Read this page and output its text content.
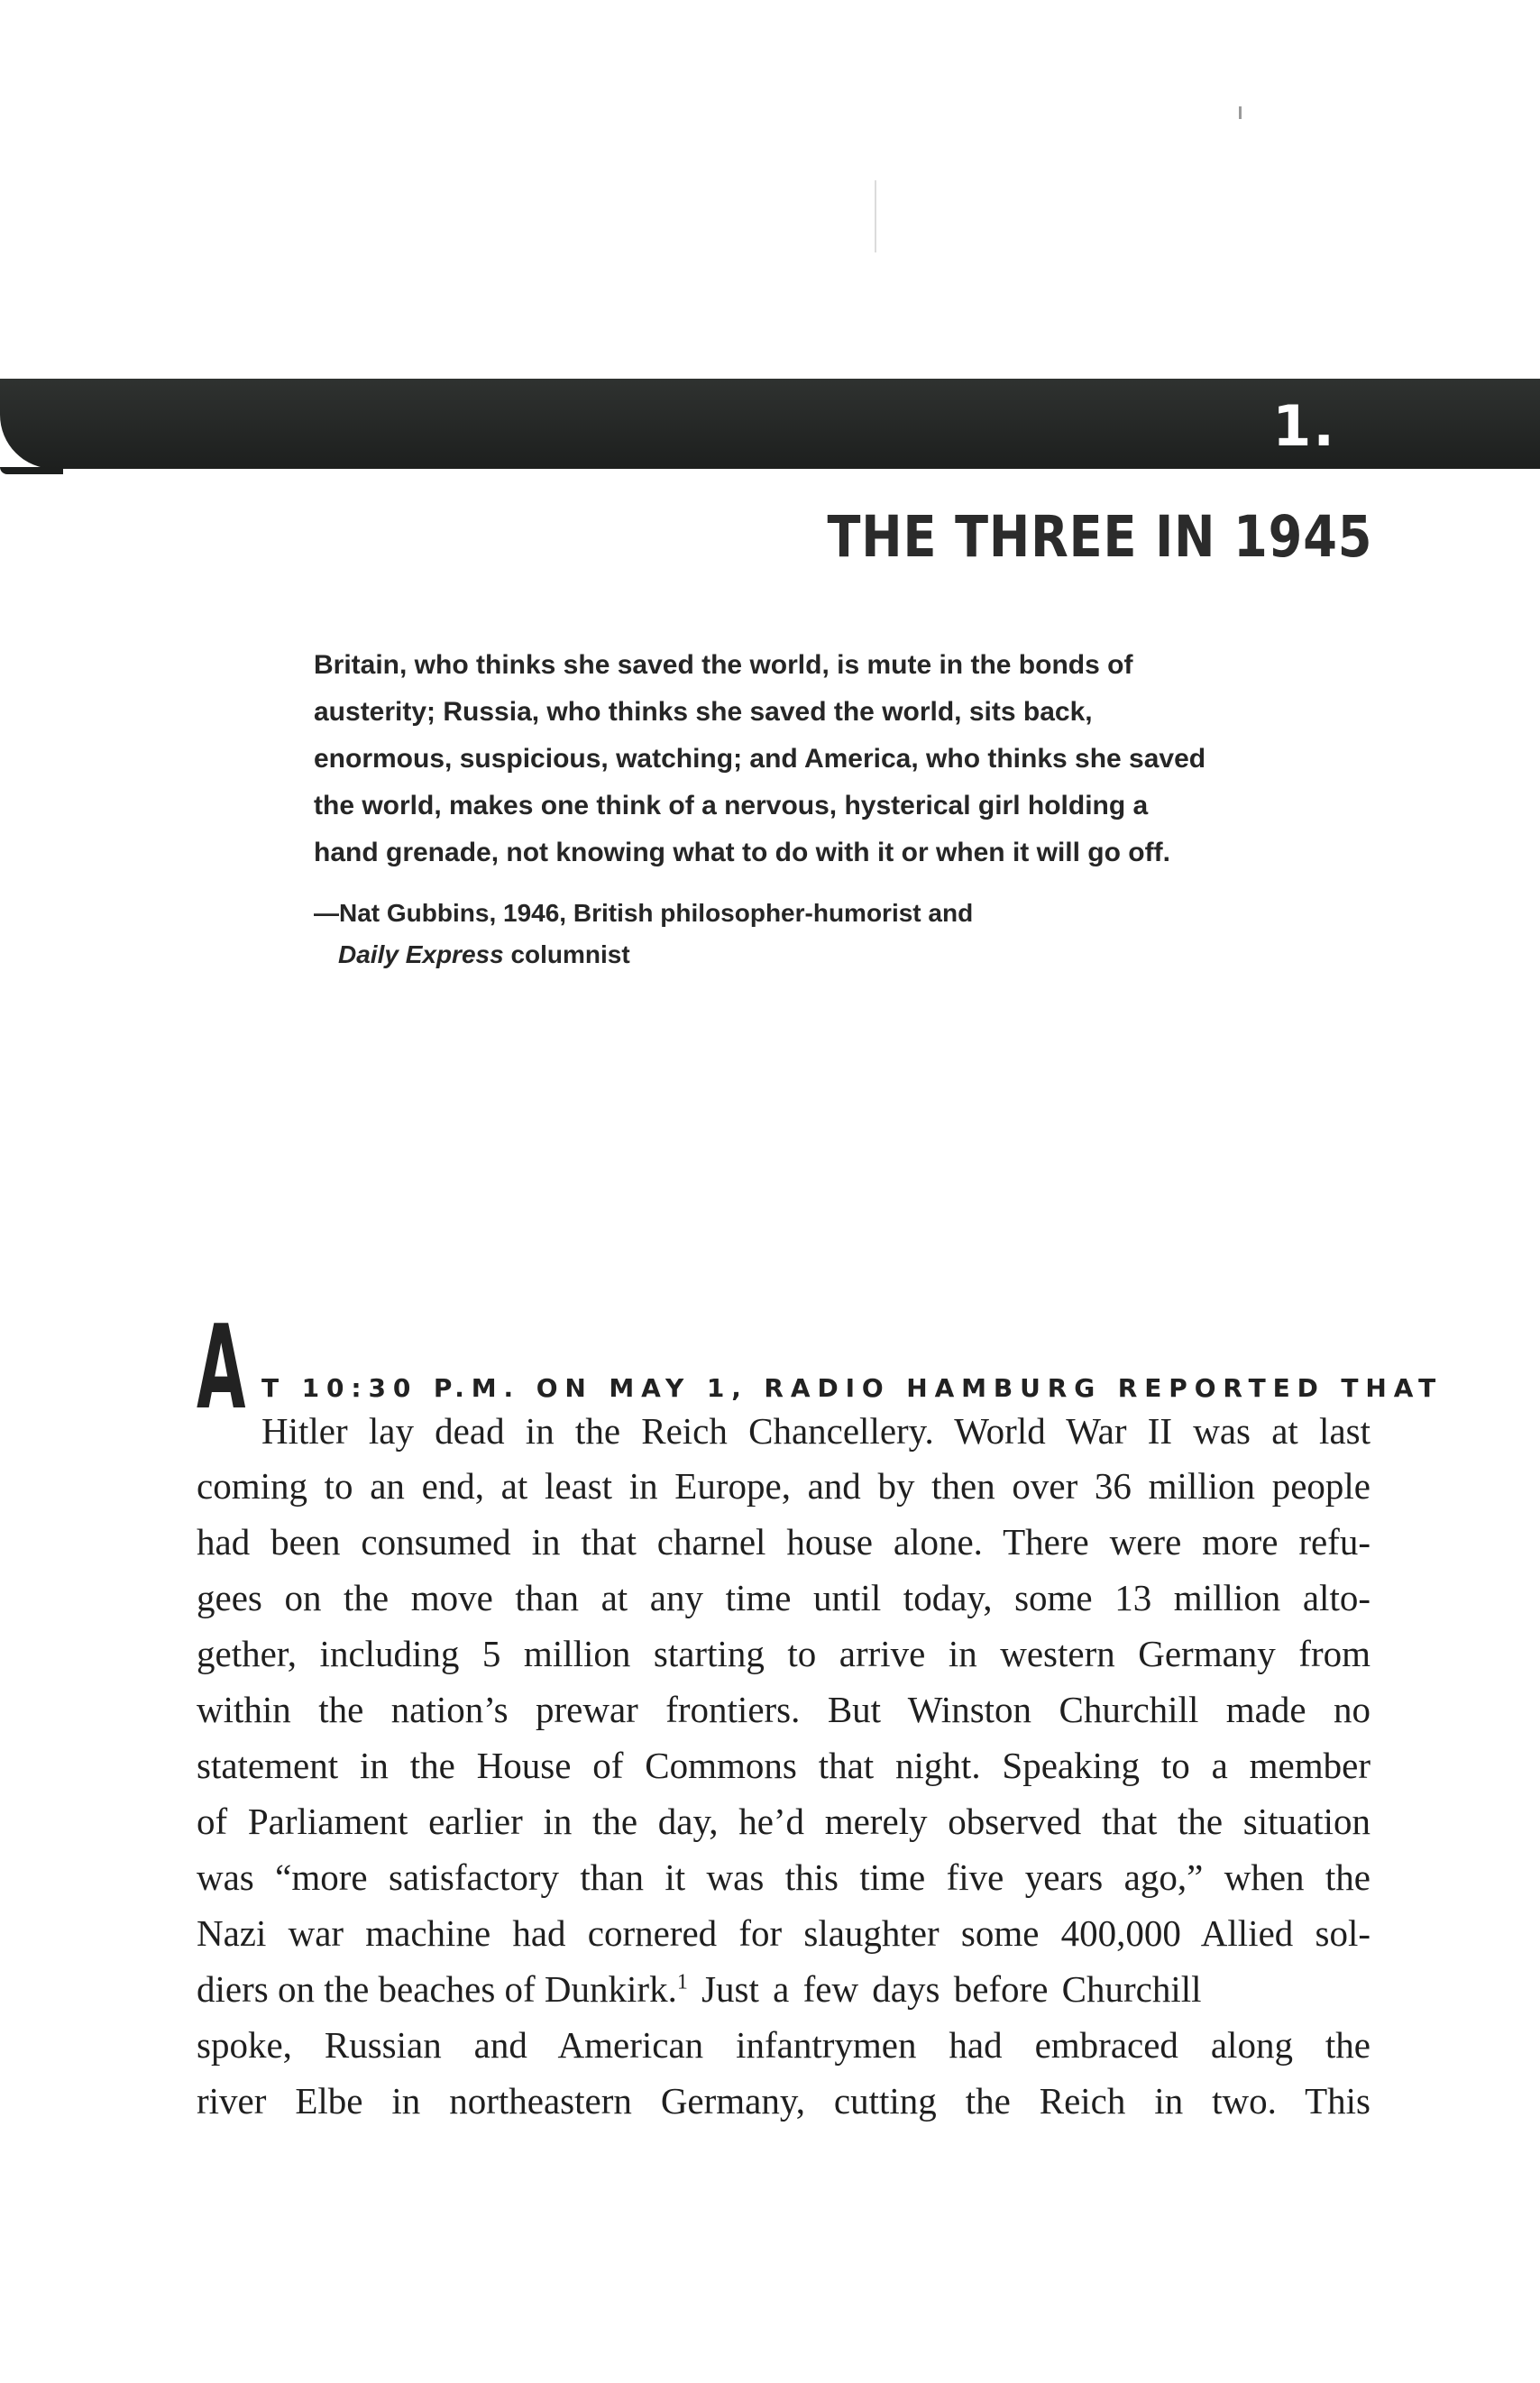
1.
THE THREE IN 1945
Britain, who thinks she saved the world, is mute in the bonds of
austerity; Russia, who thinks she saved the world, sits back,
enormous, suspicious, watching; and America, who thinks she saved
the world, makes one think of a nervous, hysterical girl holding a
hand grenade, not knowing what to do with it or when it will go off.
—Nat Gubbins, 1946, British philosopher-humorist and
Daily Express columnist
A T 10:30 P.M. ON MAY 1, RADIO HAMBURG REPORTED THAT
Hitler lay dead in the Reich Chancellery. World War II was at last
coming to an end, at least in Europe, and by then over 36 million people
had been consumed in that charnel house alone. There were more refu-
gees on the move than at any time until today, some 13 million alto-
gether, including 5 million starting to arrive in western Germany from
within the nation’s prewar frontiers. But Winston Churchill made no
statement in the House of Commons that night. Speaking to a member
of Parliament earlier in the day, he’d merely observed that the situation
was “more satisfactory than it was this time five years ago,” when the
Nazi war machine had cornered for slaughter some 400,000 Allied sol-
diers on the beaches of Dunkirk.$^1$ Just a few days before Churchill
spoke, Russian and American infantrymen had embraced along the
river Elbe in northeastern Germany, cutting the Reich in two. This
